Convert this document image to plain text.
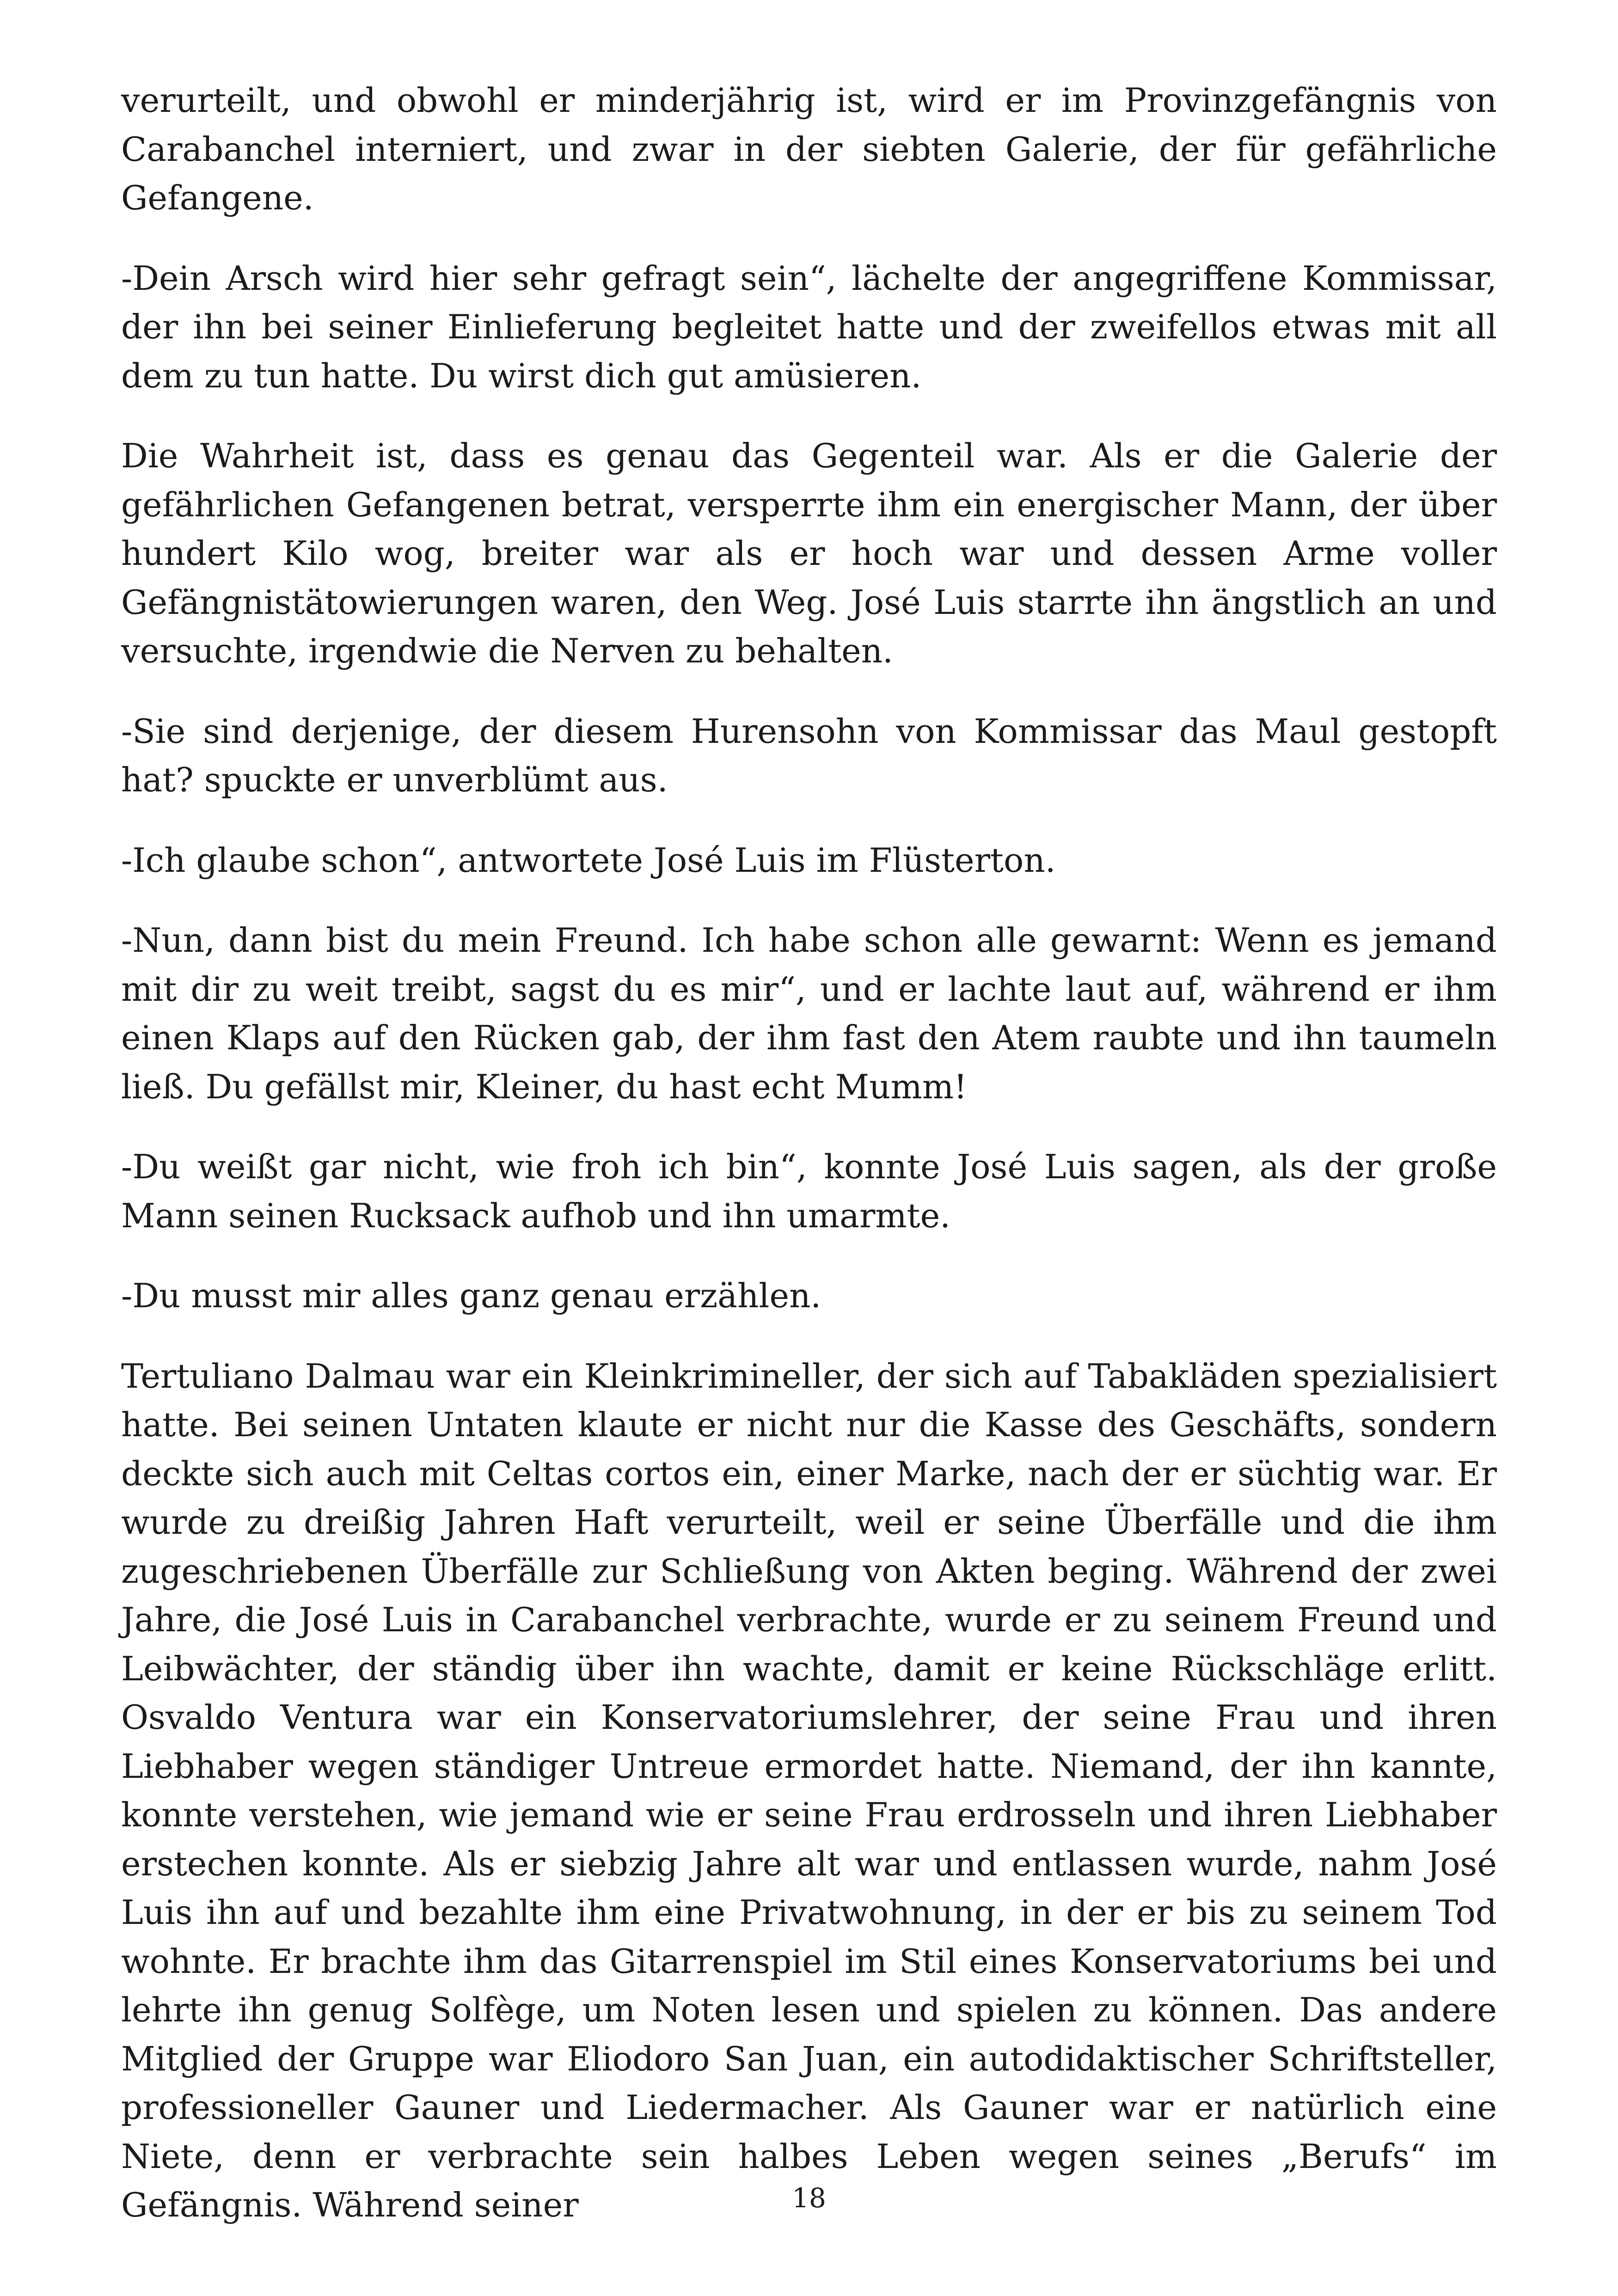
verurteilt, und obwohl er minderjährig ist, wird er im Provinzgefängnis von Carabanchel interniert, und zwar in der siebten Galerie, der für gefährliche Gefangene.

-Dein Arsch wird hier sehr gefragt sein“, lächelte der angegriffene Kommissar, der ihn bei seiner Einlieferung begleitet hatte und der zweifellos etwas mit all dem zu tun hatte. Du wirst dich gut amüsieren.

Die Wahrheit ist, dass es genau das Gegenteil war. Als er die Galerie der gefährlichen Gefangenen betrat, versperrte ihm ein energischer Mann, der über hundert Kilo wog, breiter war als er hoch war und dessen Arme voller Gefängnistätowierungen waren, den Weg. José Luis starrte ihn ängstlich an und versuchte, irgendwie die Nerven zu behalten.

-Sie sind derjenige, der diesem Hurensohn von Kommissar das Maul gestopft hat? spuckte er unverblümt aus.

-Ich glaube schon“, antwortete José Luis im Flüsterton.

-Nun, dann bist du mein Freund. Ich habe schon alle gewarnt: Wenn es jemand mit dir zu weit treibt, sagst du es mir“, und er lachte laut auf, während er ihm einen Klaps auf den Rücken gab, der ihm fast den Atem raubte und ihn taumeln ließ. Du gefällst mir, Kleiner, du hast echt Mumm!

-Du weißt gar nicht, wie froh ich bin“, konnte José Luis sagen, als der große Mann seinen Rucksack aufhob und ihn umarmte.

-Du musst mir alles ganz genau erzählen.

Tertuliano Dalmau war ein Kleinkrimineller, der sich auf Tabakläden spezialisiert hatte. Bei seinen Untaten klaute er nicht nur die Kasse des Geschäfts, sondern deckte sich auch mit Celtas cortos ein, einer Marke, nach der er süchtig war. Er wurde zu dreißig Jahren Haft verurteilt, weil er seine Überfälle und die ihm zugeschriebenen Überfälle zur Schließung von Akten beging. Während der zwei Jahre, die José Luis in Carabanchel verbrachte, wurde er zu seinem Freund und Leibwächter, der ständig über ihn wachte, damit er keine Rückschläge erlitt. Osvaldo Ventura war ein Konservatoriumslehrer, der seine Frau und ihren Liebhaber wegen ständiger Untreue ermordet hatte. Niemand, der ihn kannte, konnte verstehen, wie jemand wie er seine Frau erdrosseln und ihren Liebhaber erstechen konnte. Als er siebzig Jahre alt war und entlassen wurde, nahm José Luis ihn auf und bezahlte ihm eine Privatwohnung, in der er bis zu seinem Tod wohnte. Er brachte ihm das Gitarrenspiel im Stil eines Konservatoriums bei und lehrte ihn genug Solfège, um Noten lesen und spielen zu können. Das andere Mitglied der Gruppe war Eliodoro San Juan, ein autodidaktischer Schriftsteller, professioneller Gauner und Liedermacher. Als Gauner war er natürlich eine Niete, denn er verbrachte sein halbes Leben wegen seines „Berufs“ im Gefängnis. Während seiner	18
